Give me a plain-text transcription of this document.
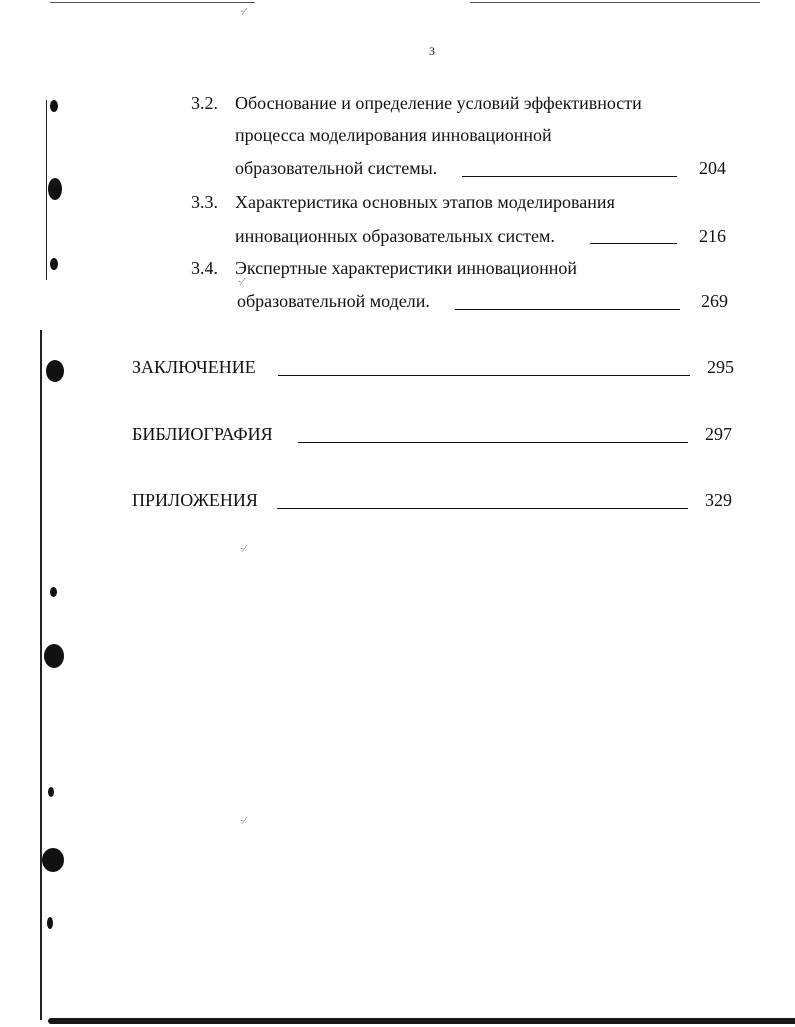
·⁄
·⁄
·⁄
·⁄
3
3.2. Обоснование и определение условий эффективности
процесса моделирования инновационной
образовательной системы.	204
3.3. Характеристика основных этапов моделирования
инновационных образовательных систем.	216
3.4. Экспертные характеристики инновационной
образовательной модели.	269
ЗАКЛЮЧЕНИЕ	295
БИБЛИОГРАФИЯ	297
ПРИЛОЖЕНИЯ	329
